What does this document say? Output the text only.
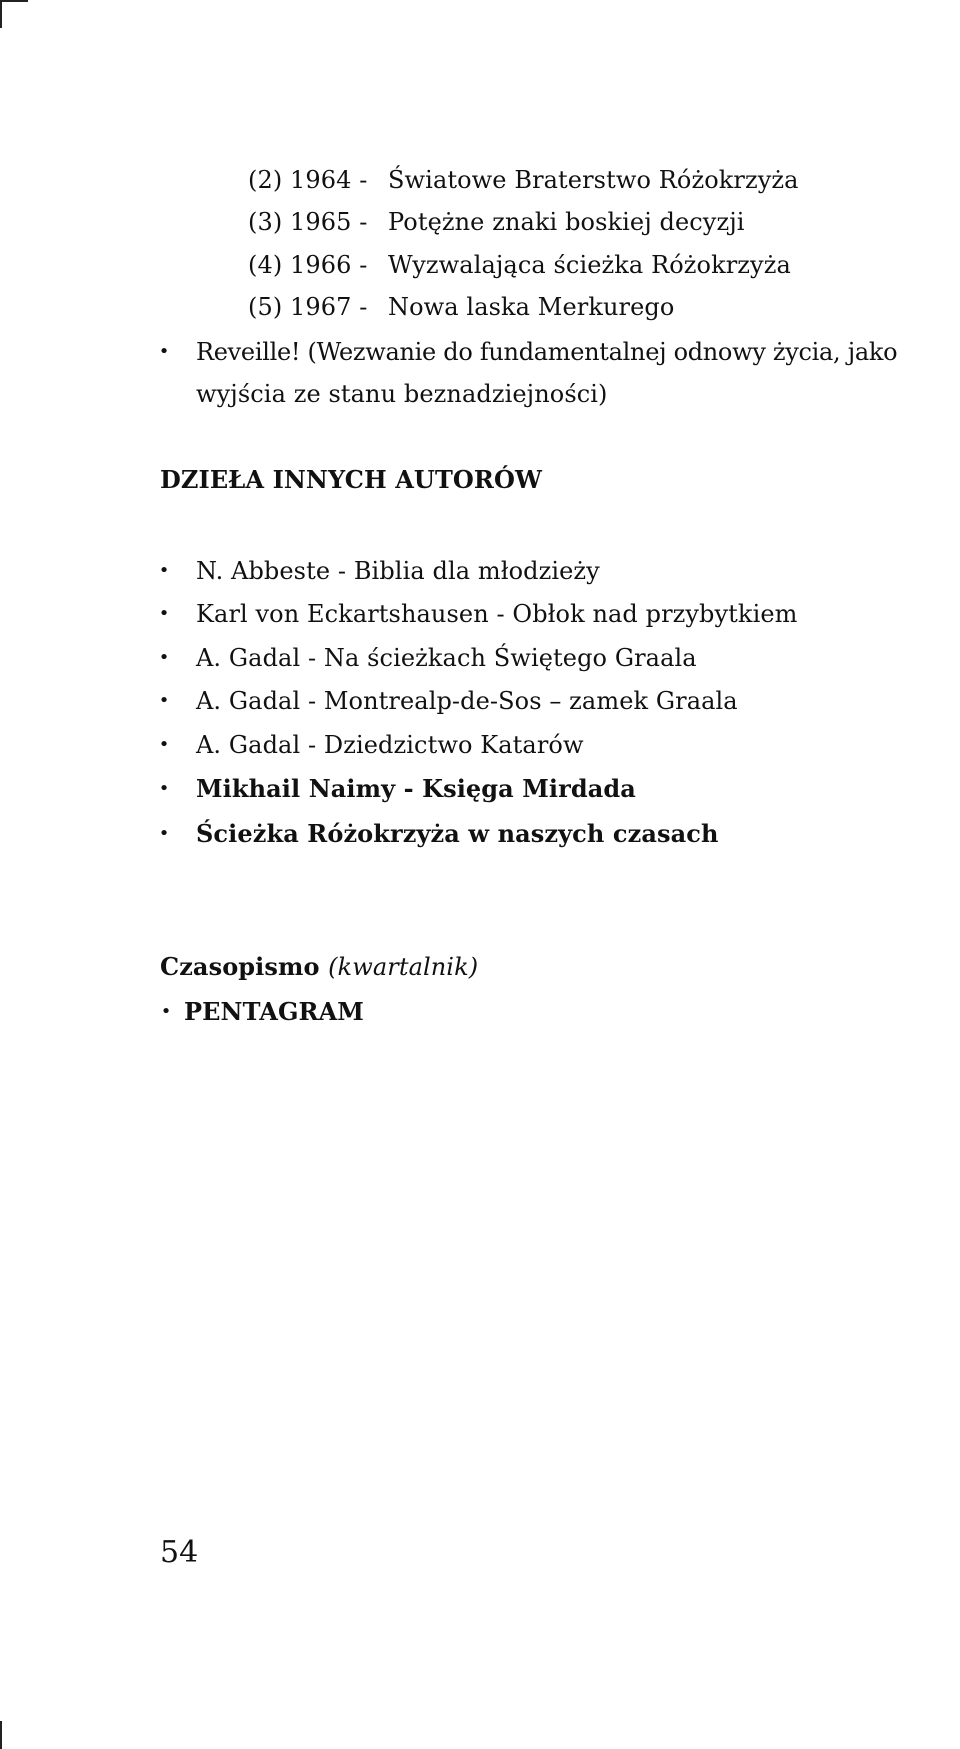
(2) 1964 - Światowe Braterstwo Różokrzyża
(3) 1965 - Potężne znaki boskiej decyzji
(4) 1966 - Wyzwalająca ścieżka Różokrzyża
(5) 1967 - Nowa laska Merkurego
• Reveille! (Wezwanie do fundamentalnej odnowy życia, jako
wyjścia ze stanu beznadziejności)
DZIEŁA INNYCH AUTORÓW
• N. Abbeste - Biblia dla młodzieży
• Karl von Eckartshausen - Obłok nad przybytkiem
• A. Gadal - Na ścieżkach Świętego Graala
• A. Gadal - Montrealp-de-Sos – zamek Graala
• A. Gadal - Dziedzictwo Katarów
• Mikhail Naimy - Księga Mirdada
• Ścieżka Różokrzyża w naszych czasach
Czasopismo (kwartalnik)
• PENTAGRAM
54
